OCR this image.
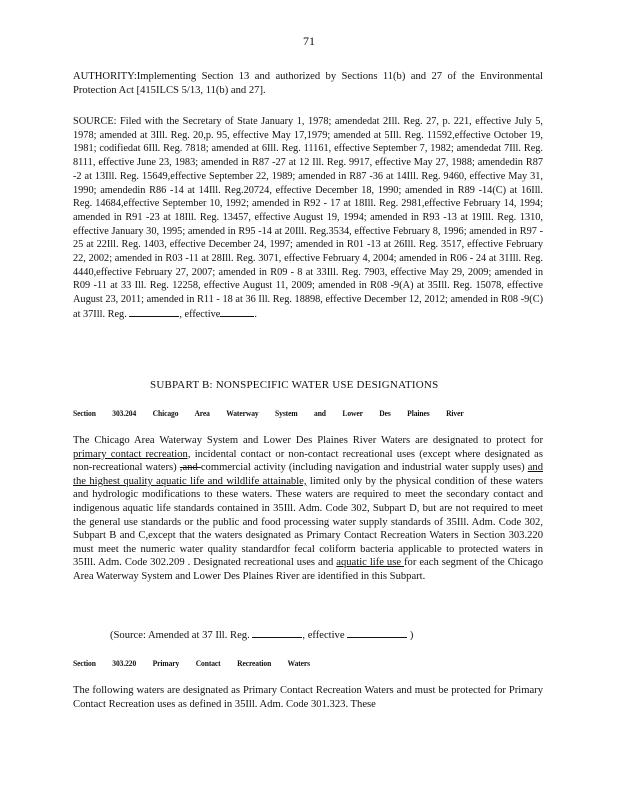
71

AUTHORITY:Implementing Section 13 and authorized by Sections 11(b) and 27 of the Environmental Protection Act [415ILCS 5/13, 11(b) and 27].

SOURCE: Filed with the Secretary of State January 1, 1978; amendedat 2Ill. Reg. 27, p. 221, effective July 5, 1978; amended at 3Ill. Reg. 20,p. 95, effective May 17,1979; amended at 5Ill. Reg. 11592,effective October 19, 1981; codifiedat 6Ill. Reg. 7818; amended at 6Ill. Reg. 11161, effective September 7, 1982; amendedat 7Ill. Reg. 8111, effective June 23, 1983; amended in R87 -27 at 12 Ill. Reg. 9917, effective May 27, 1988; amendedin R87 -2 at 13Ill. Reg. 15649,effective September 22, 1989; amended in R87 -36 at 14Ill. Reg. 9460, effective May 31, 1990; amendedin R86 -14 at 14Ill. Reg.20724, effective December 18, 1990; amended in R89 -14(C) at 16Ill. Reg. 14684,effective September 10, 1992; amended in R92 - 17 at 18Ill. Reg. 2981,effective February 14, 1994; amended in R91 -23 at 18Ill. Reg. 13457, effective August 19, 1994; amended in R93 -13 at 19Ill. Reg. 1310, effective January 30, 1995; amended in R95 -14 at 20Ill. Reg.3534, effective February 8, 1996; amended in R97 - 25 at 22Ill. Reg. 1403, effective December 24, 1997; amended in R01 -13 at 26Ill. Reg. 3517, effective February 22, 2002; amended in R03 -11 at 28Ill. Reg. 3071, effective February 4, 2004; amended in R06 - 24 at 31Ill. Reg. 4440,effective February 27, 2007; amended in R09 - 8 at 33Ill. Reg. 7903, effective May 29, 2009; amended in R09 -11 at 33 Ill. Reg. 12258, effective August 11, 2009; amended in R08 -9(A) at 35Ill. Reg. 15078, effective August 23, 2011; amended in R11 - 18 at 36 Ill. Reg. 18898, effective December 12, 2012; amended in R08 -9(C) at 37Ill. Reg.	, effective	.

SUBPART B: NONSPECIFIC WATER USE DESIGNATIONS
Section 303.204 Chicago Area Waterway System and Lower Des Plaines River

The Chicago Area Waterway System and Lower Des Plaines River Waters are designated to protect for primary contact recreation, incidental contact or non-contact recreational uses (except where designated as non-recreational waters) ,and commercial activity (including navigation and industrial water supply uses) and the highest quality aquatic life and wildlife attainable, limited only by the physical condition of these waters and hydrologic modifications to these waters. These waters are required to meet the secondary contact and indigenous aquatic life standards contained in 35Ill. Adm. Code 302, Subpart D, but are not required to meet the general use standards or the public and food processing water supply standards of 35Ill. Adm. Code 302, Subpart B and C,except that the waters designated as Primary Contact Recreation Waters in Section 303.220 must meet the numeric water quality standardfor fecal coliform bacteria applicable to protected waters in 35Ill. Adm. Code 302.209 . Designated recreational uses and aquatic life use for each segment of the Chicago Area Waterway System and Lower Des Plaines River are identified in this Subpart.

(Source: Amended at 37 Ill. Reg.	, effective	)
Section 303.220 Primary Contact Recreation Waters

The following waters are designated as Primary Contact Recreation Waters and must be protected for Primary Contact Recreation uses as defined in 35Ill. Adm. Code 301.323. These
